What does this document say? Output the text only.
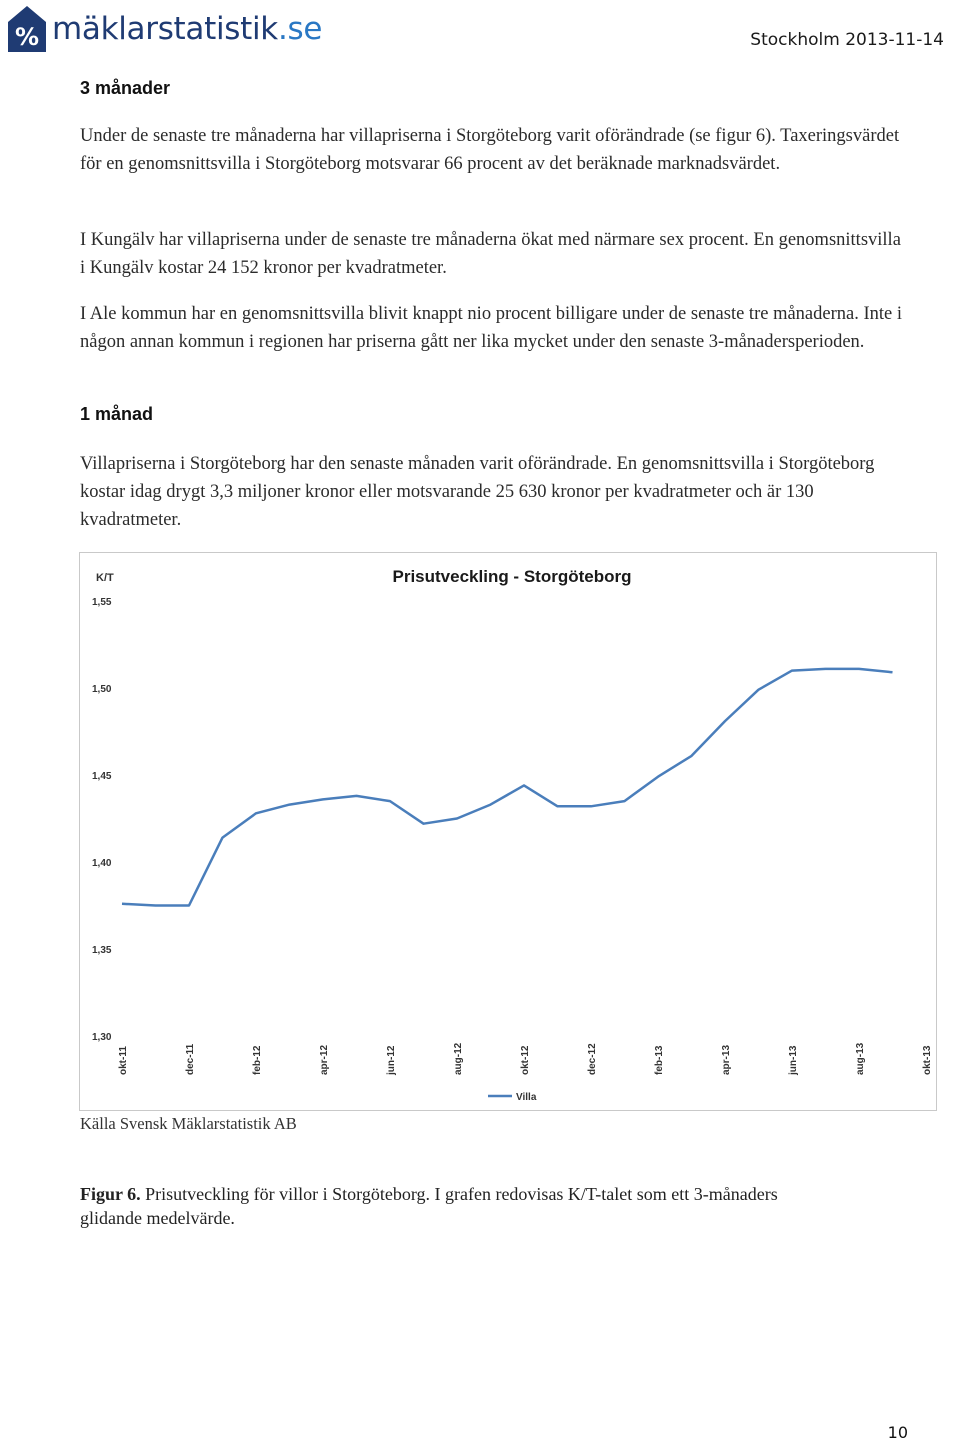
% mäklarstatistik.se	Stockholm 2013-11-14
3 månader

Under de senaste tre månaderna har villapriserna i Storgöteborg varit oförändrade (se figur 6). Taxeringsvärdet för en genomsnittsvilla i Storgöteborg motsvarar 66 procent av det beräknade marknadsvärdet.

I Kungälv har villapriserna under de senaste tre månaderna ökat med närmare sex procent. En genomsnittsvilla i Kungälv kostar 24 152 kronor per kvadratmeter.

I Ale kommun har en genomsnittsvilla blivit knappt nio procent billigare under de senaste tre månaderna. Inte i någon annan kommun i regionen har priserna gått ner lika mycket under den senaste 3-månadersperioden.

1 månad

Villapriserna i Storgöteborg har den senaste månaden varit oförändrade. En genomsnittsvilla i Storgöteborg kostar idag drygt 3,3 miljoner kronor eller motsvarande 25 630 kronor per kvadratmeter och är 130 kvadratmeter.

Prisutveckling - Storgöteborg
K/T
1,55
1,50
1,45
1,40
1,35
1,30
okt-11	dec-11	feb-12	apr-12	jun-12	aug-12	okt-12	dec-12	feb-13	apr-13	jun-13	aug-13	okt-13
Villa
Källa Svensk Mäklarstatistik AB
Figur 6. Prisutveckling för villor i Storgöteborg. I grafen redovisas K/T-talet som ett 3-månaders glidande medelvärde.
10
